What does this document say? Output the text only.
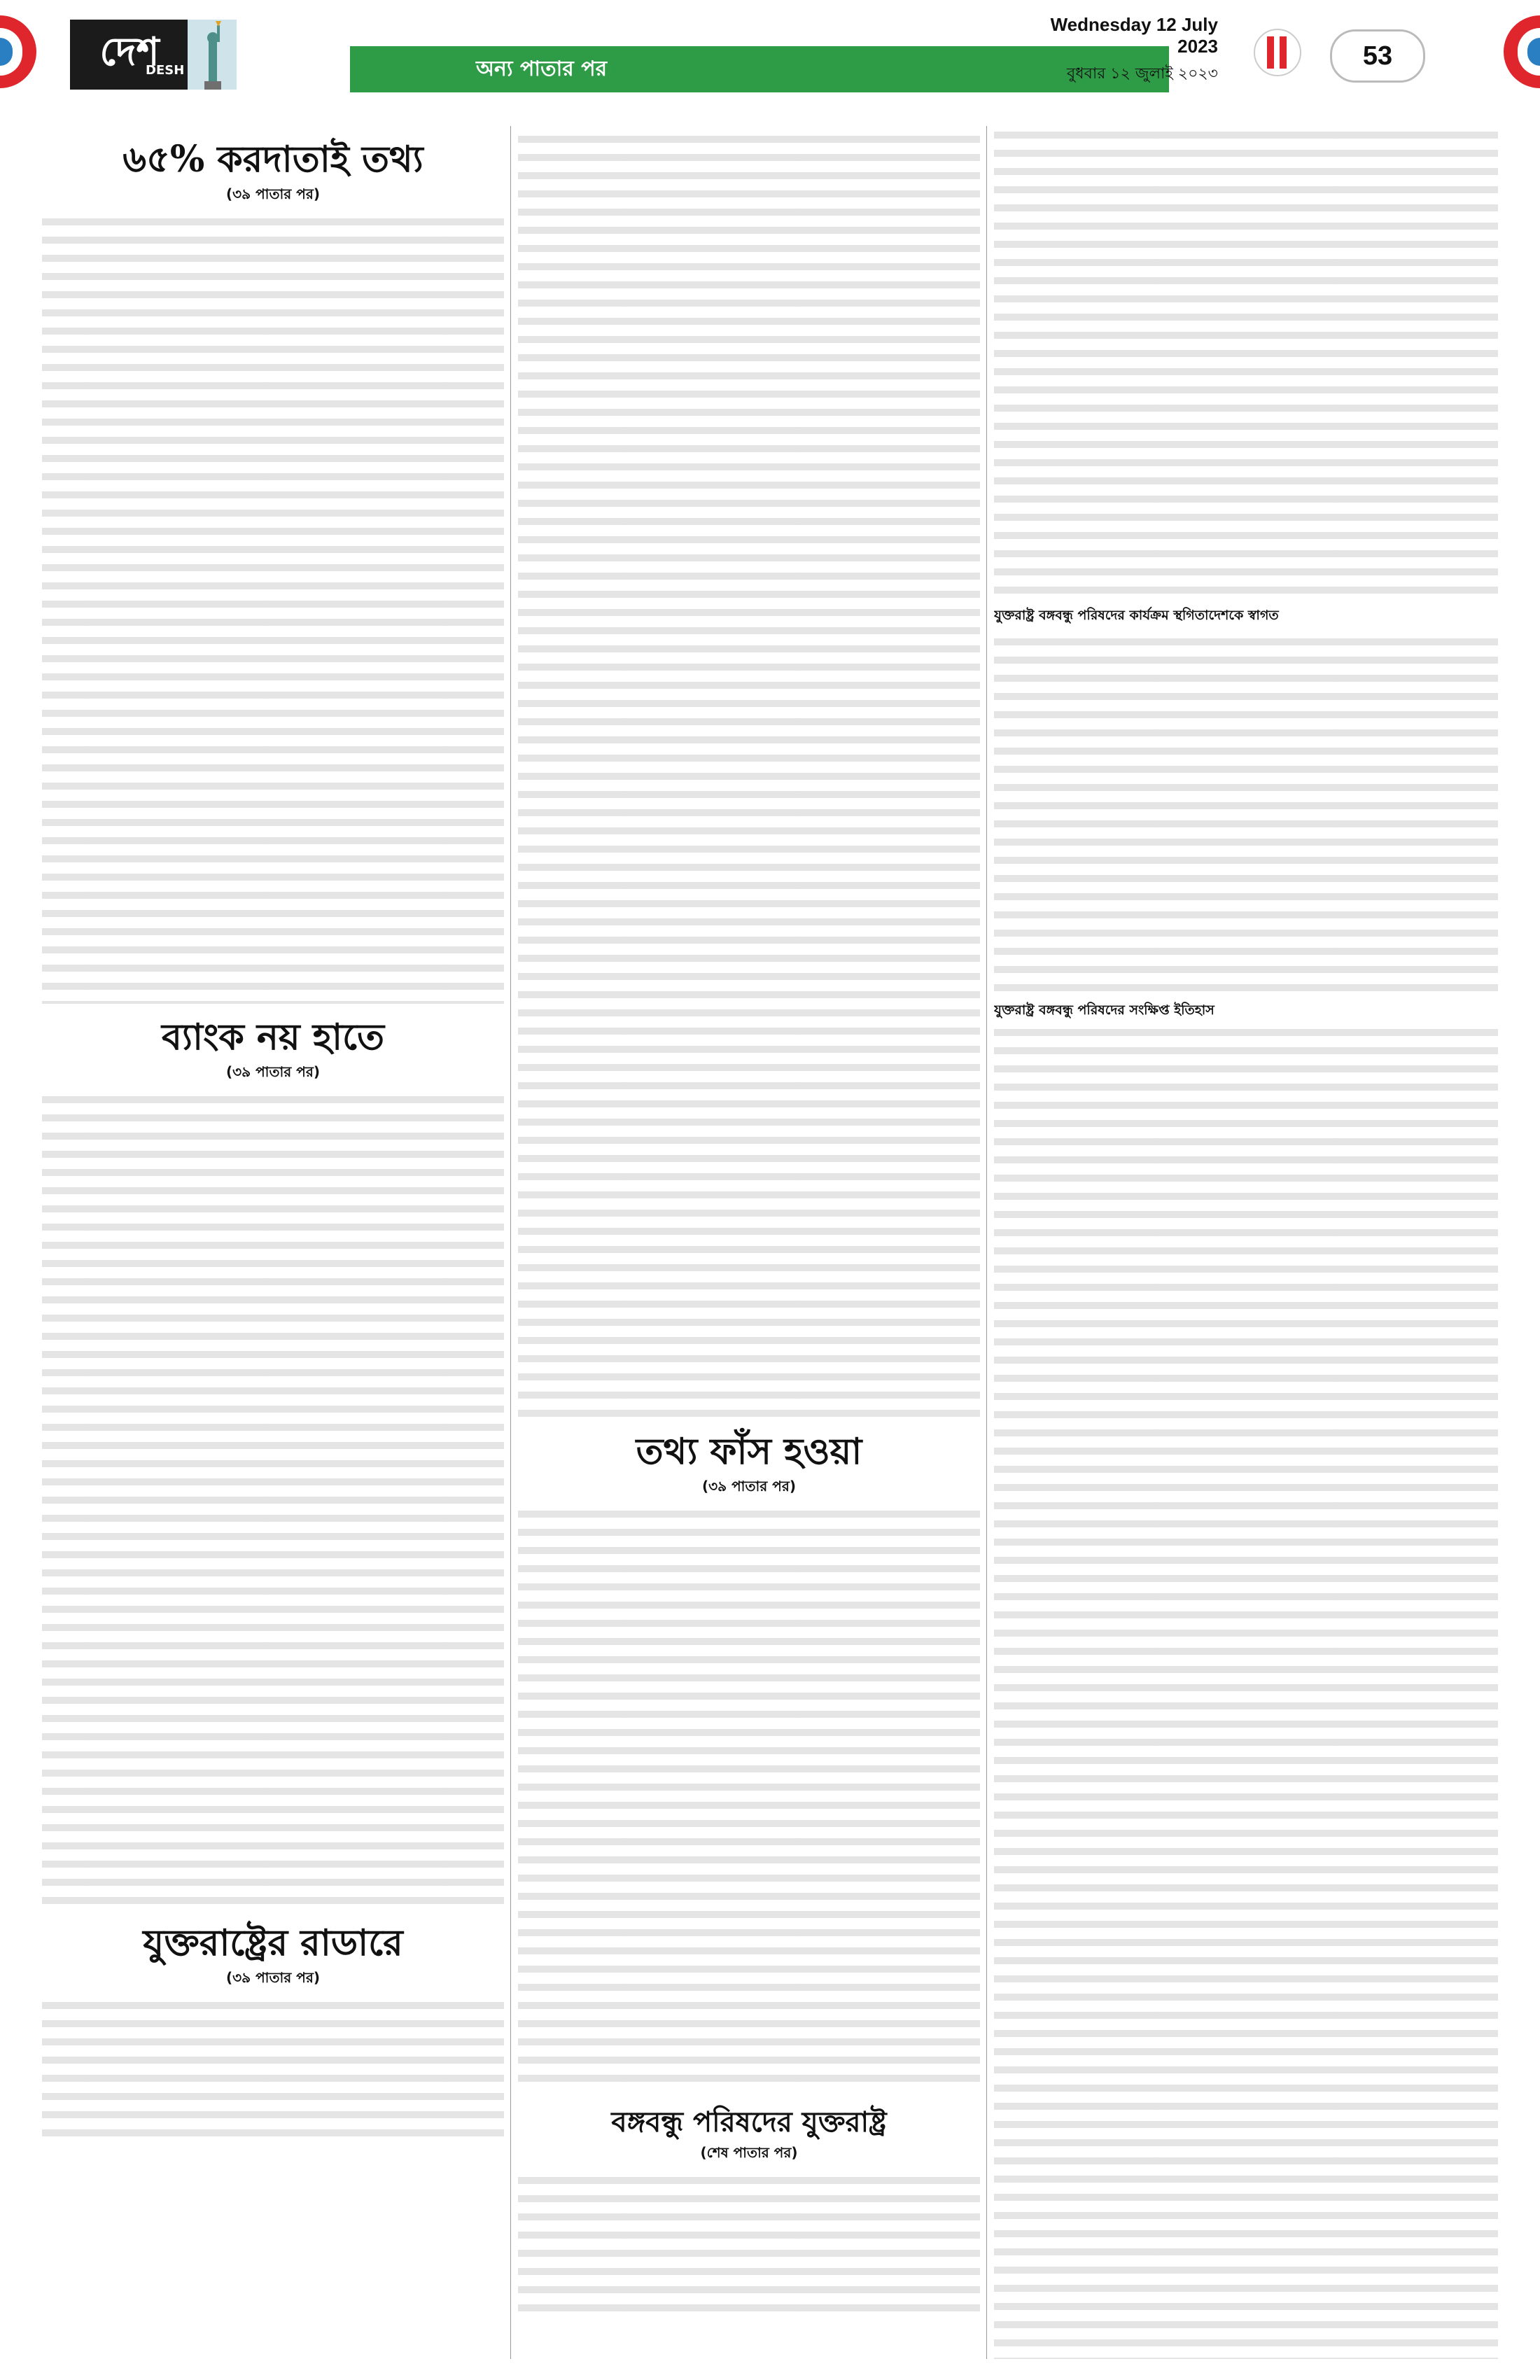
দেশ
DESH	অন্য পাতার পর
Wednesday 12 July 2023
বুধবার ১২ জুলাই ২০২৩
53
৬৫% করদাতাই তথ্য
(৩৯ পাতার পর)
ব্যাংক নয় হাতে
(৩৯ পাতার পর)
যুক্তরাষ্ট্রের রাডারে
(৩৯ পাতার পর)
তথ্য ফাঁস হওয়া
(৩৯ পাতার পর)
বঙ্গবন্ধু পরিষদের যুক্তরাষ্ট্র
(শেষ পাতার পর)
যুক্তরাষ্ট্র বঙ্গবন্ধু পরিষদের কার্যক্রম স্থগিতাদেশকে স্বাগত
যুক্তরাষ্ট্র বঙ্গবন্ধু পরিষদের সংক্ষিপ্ত ইতিহাস
